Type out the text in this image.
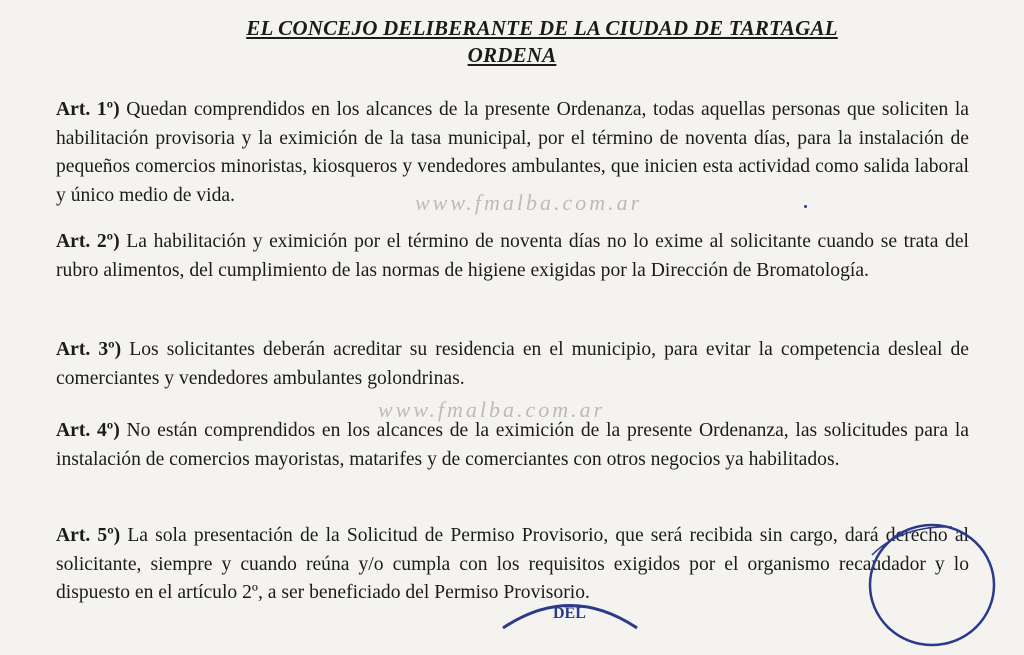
EL CONCEJO DELIBERANTE DE LA CIUDAD DE TARTAGAL
ORDENA
www.fmalba.com.ar
www.fmalba.com.ar
Art. 1º) Quedan comprendidos en los alcances de la presente Ordenanza, todas aquellas personas que soliciten la habilitación provisoria y la eximición de la tasa municipal, por el término de noventa días, para la instalación de pequeños comercios minoristas, kiosqueros y vendedores ambulantes, que inicien esta actividad como salida laboral y único medio de vida.
Art. 2º) La habilitación y eximición por el término de noventa días no lo exime al solicitante cuando se trata del rubro alimentos, del cumplimiento de las normas de higiene exigidas por la Dirección de Bromatología.
Art. 3º) Los solicitantes deberán acreditar su residencia en el municipio, para evitar la competencia desleal de comerciantes y vendedores ambulantes golondrinas.
Art. 4º) No están comprendidos en los alcances de la eximición de la presente Ordenanza, las solicitudes para la instalación de comercios mayoristas, matarifes y de comerciantes con otros negocios ya habilitados.
Art. 5º) La sola presentación de la Solicitud de Permiso Provisorio, que será recibida sin cargo, dará derecho al solicitante, siempre y cuando reúna y/o cumpla con los requisitos exigidos por el organismo recaudador y lo dispuesto en el artículo 2º, a ser beneficiado del Permiso Provisorio.
DEL
